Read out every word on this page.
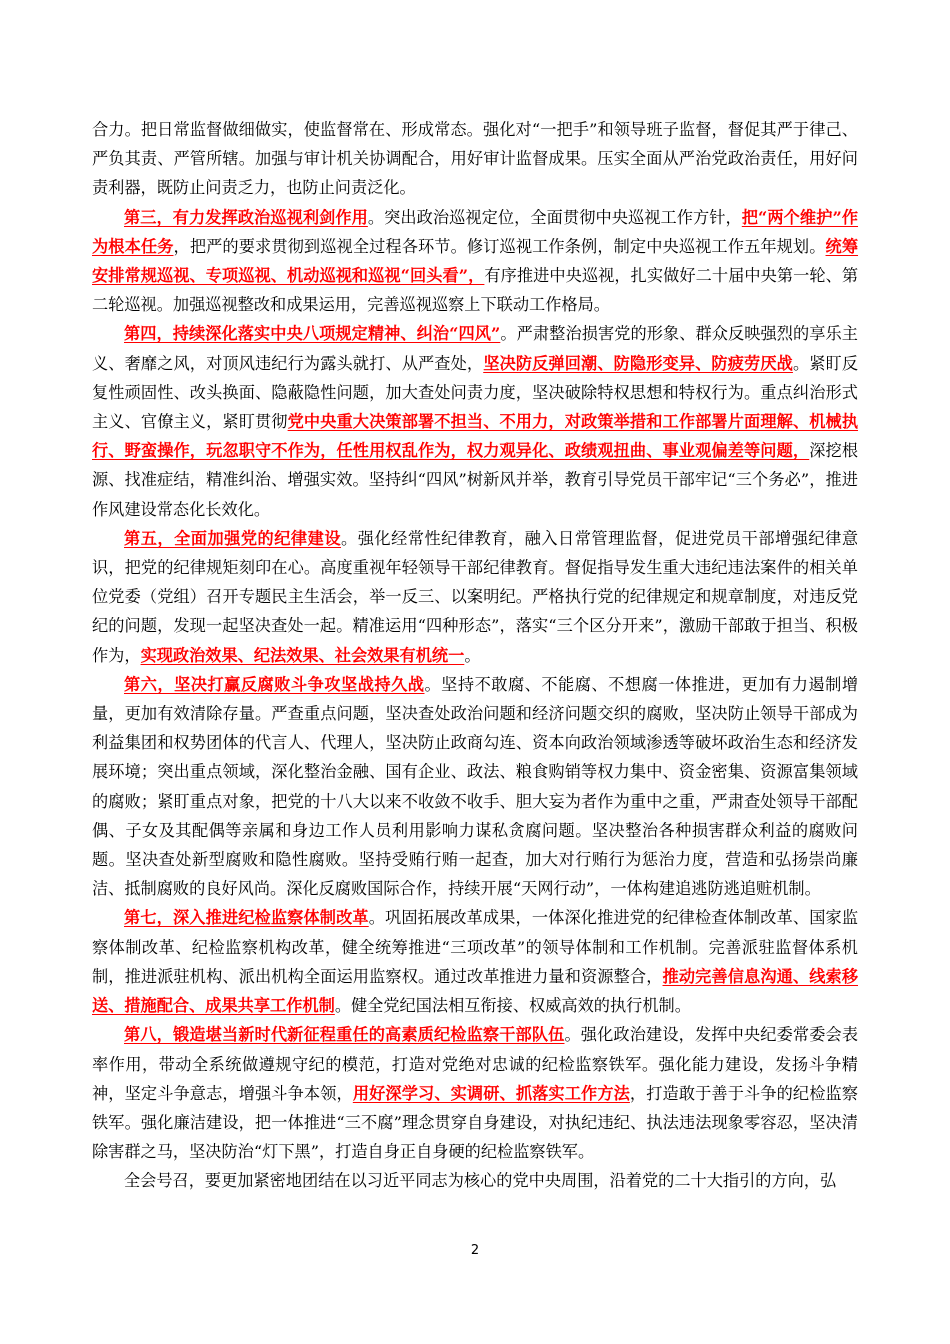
合力。把日常监督做细做实，使监督常在、形成常态。强化对“一把手”和领导班子监督，督促其严于律己、严负其责、严管所辖。加强与审计机关协调配合，用好审计监督成果。压实全面从严治党政治责任，用好问责利器，既防止问责乏力，也防止问责泛化。

第三，有力发挥政治巡视利剑作用。突出政治巡视定位，全面贯彻中央巡视工作方针，把“两个维护”作为根本任务，把严的要求贯彻到巡视全过程各环节。修订巡视工作条例，制定中央巡视工作五年规划。统筹安排常规巡视、专项巡视、机动巡视和巡视“回头看”，有序推进中央巡视，扎实做好二十届中央第一轮、第二轮巡视。加强巡视整改和成果运用，完善巡视巡察上下联动工作格局。

第四，持续深化落实中央八项规定精神、纠治“四风”。严肃整治损害党的形象、群众反映强烈的享乐主义、奢靡之风，对顶风违纪行为露头就打、从严查处，坚决防反弹回潮、防隐形变异、防疲劳厌战。紧盯反复性顽固性、改头换面、隐蔽隐性问题，加大查处问责力度，坚决破除特权思想和特权行为。重点纠治形式主义、官僚主义，紧盯贯彻党中央重大决策部署不担当、不用力，对政策举措和工作部署片面理解、机械执行、野蛮操作，玩忽职守不作为，任性用权乱作为，权力观异化、政绩观扭曲、事业观偏差等问题，深挖根源、找准症结，精准纠治、增强实效。坚持纠“四风”树新风并举，教育引导党员干部牢记“三个务必”，推进作风建设常态化长效化。

第五，全面加强党的纪律建设。强化经常性纪律教育，融入日常管理监督，促进党员干部增强纪律意识，把党的纪律规矩刻印在心。高度重视年轻领导干部纪律教育。督促指导发生重大违纪违法案件的相关单位党委（党组）召开专题民主生活会，举一反三、以案明纪。严格执行党的纪律规定和规章制度，对违反党纪的问题，发现一起坚决查处一起。精准运用“四种形态”，落实“三个区分开来”，激励干部敢于担当、积极作为，实现政治效果、纪法效果、社会效果有机统一。

第六，坚决打赢反腐败斗争攻坚战持久战。坚持不敢腐、不能腐、不想腐一体推进，更加有力遏制增量，更加有效清除存量。严查重点问题，坚决查处政治问题和经济问题交织的腐败，坚决防止领导干部成为利益集团和权势团体的代言人、代理人，坚决防止政商勾连、资本向政治领域渗透等破坏政治生态和经济发展环境；突出重点领域，深化整治金融、国有企业、政法、粮食购销等权力集中、资金密集、资源富集领域的腐败；紧盯重点对象，把党的十八大以来不收敛不收手、胆大妄为者作为重中之重，严肃查处领导干部配偶、子女及其配偶等亲属和身边工作人员利用影响力谋私贪腐问题。坚决整治各种损害群众利益的腐败问题。坚决查处新型腐败和隐性腐败。坚持受贿行贿一起查，加大对行贿行为惩治力度，营造和弘扬崇尚廉洁、抵制腐败的良好风尚。深化反腐败国际合作，持续开展“天网行动”，一体构建追逃防逃追赃机制。

第七，深入推进纪检监察体制改革。巩固拓展改革成果，一体深化推进党的纪律检查体制改革、国家监察体制改革、纪检监察机构改革，健全统筹推进“三项改革”的领导体制和工作机制。完善派驻监督体系机制，推进派驻机构、派出机构全面运用监察权。通过改革推进力量和资源整合，推动完善信息沟通、线索移送、措施配合、成果共享工作机制。健全党纪国法相互衔接、权威高效的执行机制。

第八，锻造堪当新时代新征程重任的高素质纪检监察干部队伍。强化政治建设，发挥中央纪委常委会表率作用，带动全系统做遵规守纪的模范，打造对党绝对忠诚的纪检监察铁军。强化能力建设，发扬斗争精神，坚定斗争意志，增强斗争本领，用好深学习、实调研、抓落实工作方法，打造敢于善于斗争的纪检监察铁军。强化廉洁建设，把一体推进“三不腐”理念贯穿自身建设，对执纪违纪、执法违法现象零容忍，坚决清除害群之马，坚决防治“灯下黑”，打造自身正自身硬的纪检监察铁军。

全会号召，要更加紧密地团结在以习近平同志为核心的党中央周围，沿着党的二十大指引的方向，弘

2
